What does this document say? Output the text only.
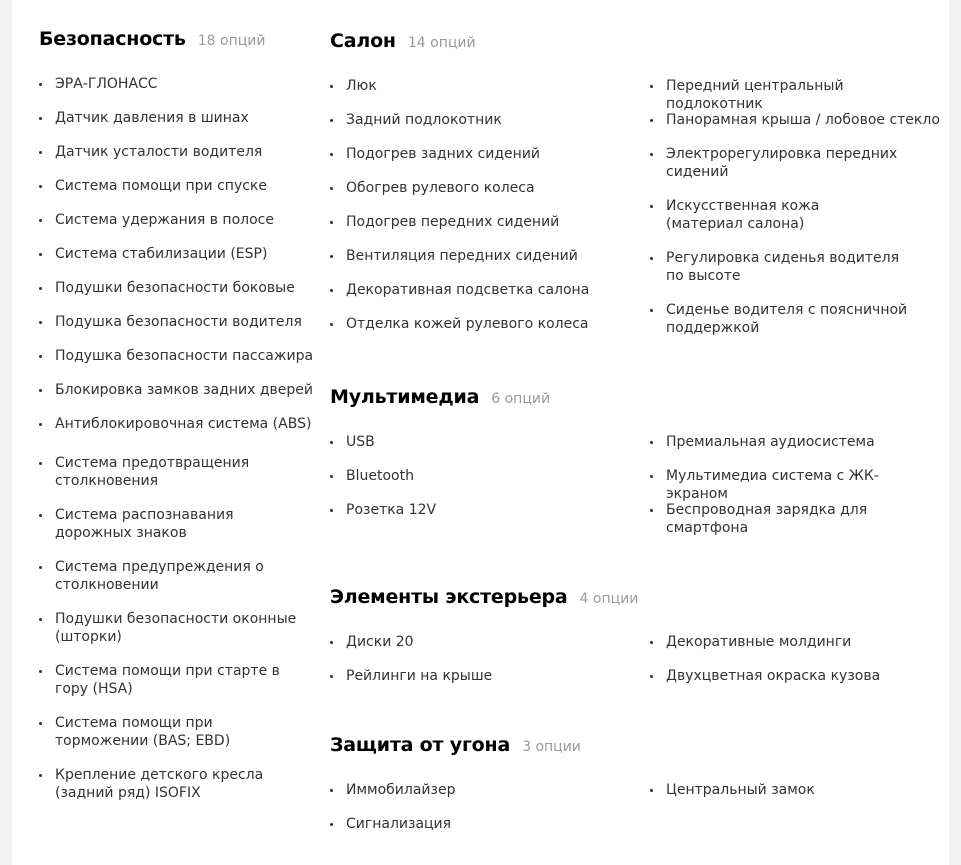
Безопасность 18 опций
ЭРА-ГЛОНАСС
Датчик давления в шинах
Датчик усталости водителя
Система помощи при спуске
Система удержания в полосе
Система стабилизации (ESP)
Подушки безопасности боковые
Подушка безопасности водителя
Подушка безопасности пассажира
Блокировка замков задних дверей
Антиблокировочная система (ABS)
Система предотвращения столкновения
Система распознавания дорожных знаков
Система предупреждения о столкновении
Подушки безопасности оконные (шторки)
Система помощи при старте в гору (HSA)
Система помощи при торможении (BAS; EBD)
Крепление детского кресла (задний ряд) ISOFIX
Салон 14 опций
Люк
Задний подлокотник
Подогрев задних сидений
Обогрев рулевого колеса
Подогрев передних сидений
Вентиляция передних сидений
Декоративная подсветка салона
Отделка кожей рулевого колеса
Передний центральный подлокотник
Панорамная крыша / лобовое стекло
Электрорегулировка передних сидений
Искусственная кожа (материал салона)
Регулировка сиденья водителя по высоте
Сиденье водителя с поясничной поддержкой
Мультимедиа 6 опций
USB
Bluetooth
Розетка 12V
Премиальная аудиосистема
Мультимедиа система с ЖК-экраном
Беспроводная зарядка для смартфона
Элементы экстерьера 4 опции
Диски 20
Рейлинги на крыше
Декоративные молдинги
Двухцветная окраска кузова
Защита от угона 3 опции
Иммобилайзер
Сигнализация
Центральный замок
